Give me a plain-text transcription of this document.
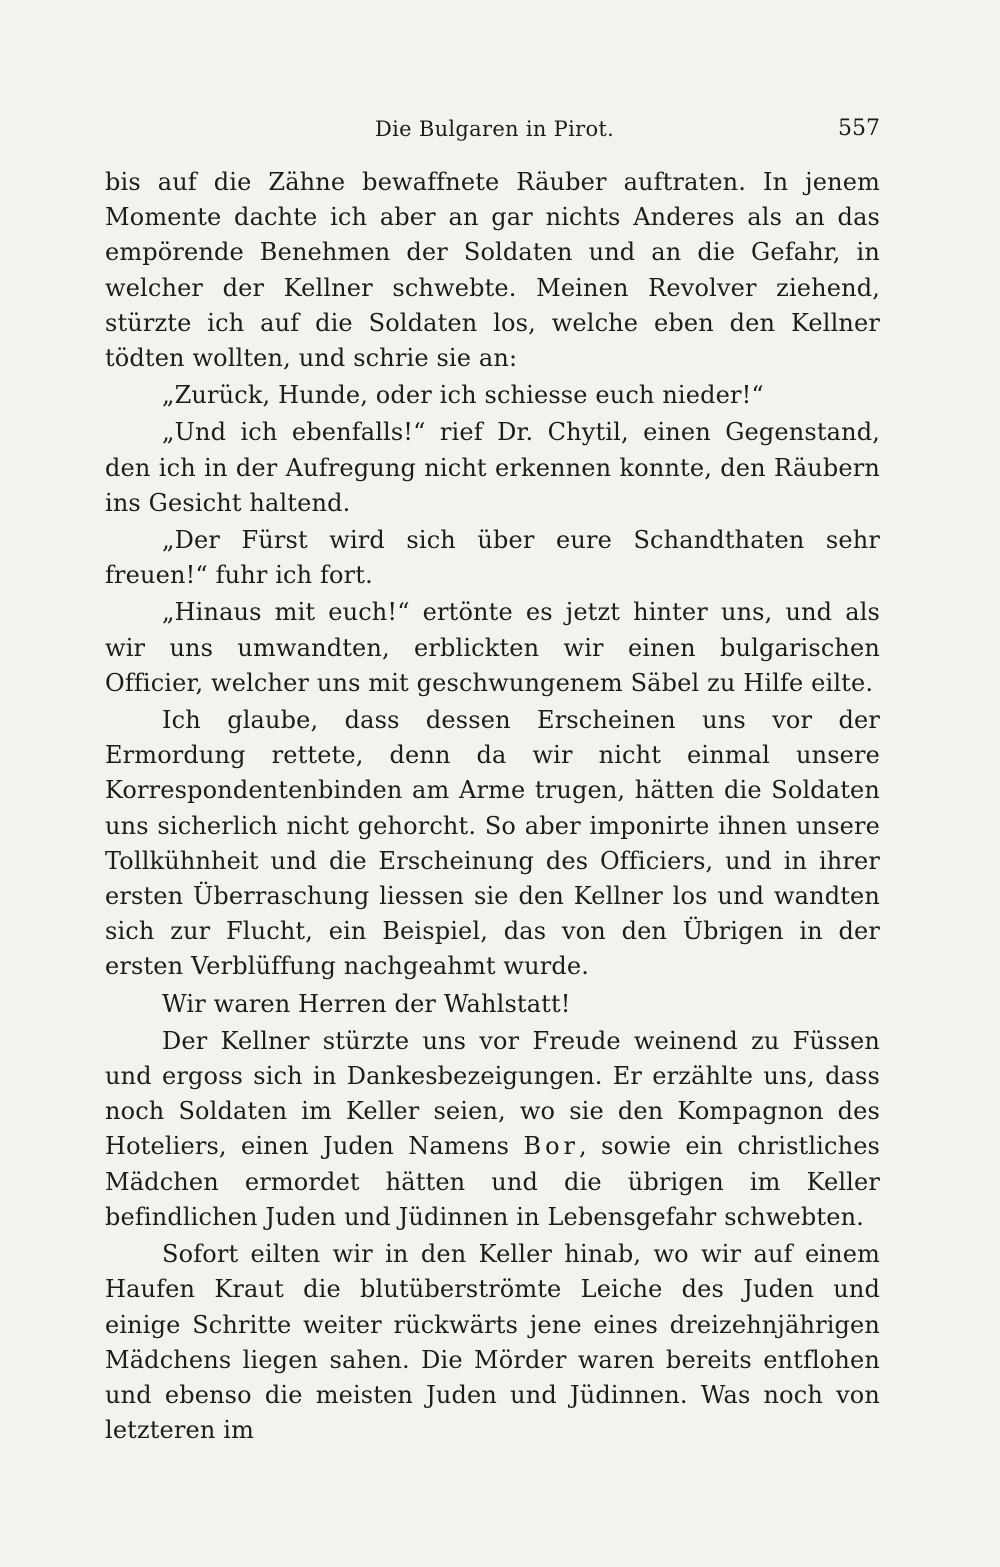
Die Bulgaren in Pirot.	557

bis auf die Zähne bewaffnete Räuber auftraten. In jenem Momente dachte ich aber an gar nichts Anderes als an das empörende Benehmen der Soldaten und an die Gefahr, in welcher der Kellner schwebte. Meinen Revolver ziehend, stürzte ich auf die Soldaten los, welche eben den Kellner tödten wollten, und schrie sie an:

„Zurück, Hunde, oder ich schiesse euch nieder!“

„Und ich ebenfalls!“ rief Dr. Chytil, einen Gegenstand, den ich in der Aufregung nicht erkennen konnte, den Räubern ins Gesicht haltend.

„Der Fürst wird sich über eure Schandthaten sehr freuen!“ fuhr ich fort.

„Hinaus mit euch!“ ertönte es jetzt hinter uns, und als wir uns umwandten, erblickten wir einen bulgarischen Officier, welcher uns mit geschwungenem Säbel zu Hilfe eilte.

Ich glaube, dass dessen Erscheinen uns vor der Ermordung rettete, denn da wir nicht einmal unsere Korrespondentenbinden am Arme trugen, hätten die Soldaten uns sicherlich nicht gehorcht. So aber imponirte ihnen unsere Tollkühnheit und die Erscheinung des Officiers, und in ihrer ersten Überraschung liessen sie den Kellner los und wandten sich zur Flucht, ein Beispiel, das von den Übrigen in der ersten Verblüffung nachgeahmt wurde.

Wir waren Herren der Wahlstatt!

Der Kellner stürzte uns vor Freude weinend zu Füssen und ergoss sich in Dankesbezeigungen. Er erzählte uns, dass noch Soldaten im Keller seien, wo sie den Kompagnon des Hoteliers, einen Juden Namens Bor, sowie ein christliches Mädchen ermordet hätten und die übrigen im Keller befindlichen Juden und Jüdinnen in Lebensgefahr schwebten.

Sofort eilten wir in den Keller hinab, wo wir auf einem Haufen Kraut die blutüberströmte Leiche des Juden und einige Schritte weiter rückwärts jene eines dreizehnjährigen Mädchens liegen sahen. Die Mörder waren bereits entflohen und ebenso die meisten Juden und Jüdinnen. Was noch von letzteren im
